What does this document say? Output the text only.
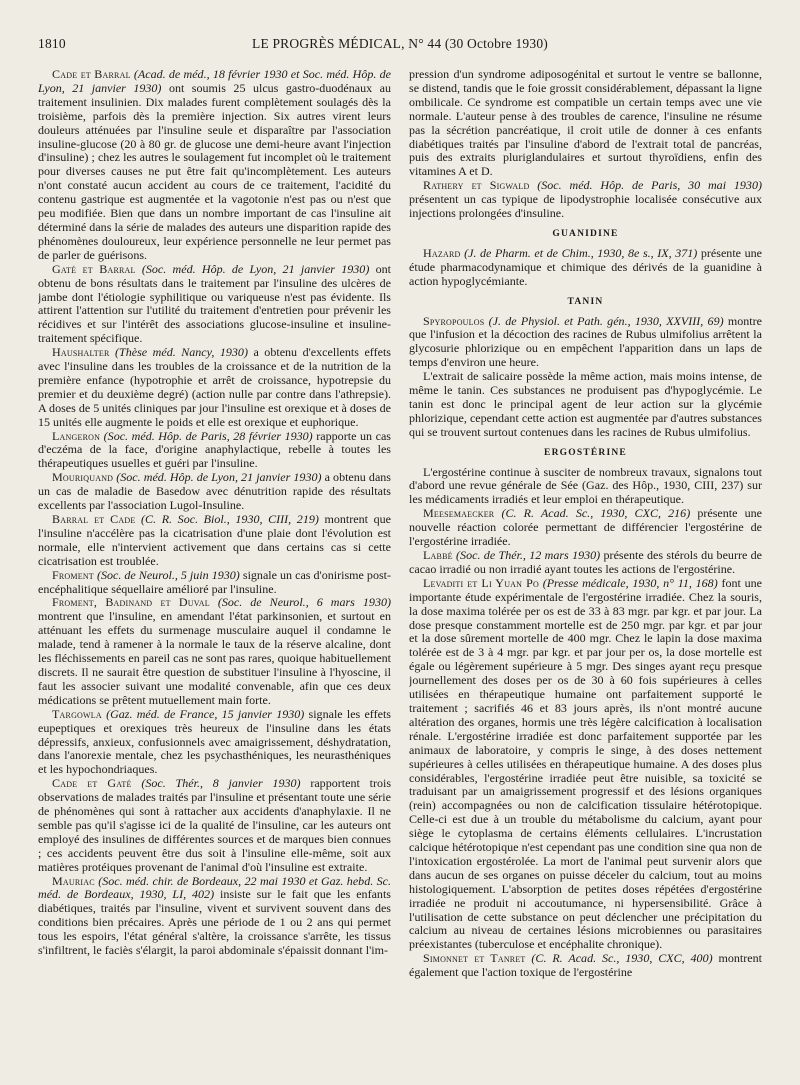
1810	LE PROGRÈS MÉDICAL, N° 44 (30 Octobre 1930)

Cade et Barral (Acad. de méd., 18 février 1930 et Soc. méd. Hôp. de Lyon, 21 janvier 1930) ont soumis 25 ulcus gastro-duodénaux au traitement insulinien. Dix malades furent complètement soulagés dès la troisième, parfois dès la première injection. Six autres virent leurs douleurs atténuées par l'insuline seule et disparaître par l'association insuline-glucose (20 à 80 gr. de glucose une demi-heure avant l'injection d'insuline) ; chez les autres le soulagement fut incomplet où le traitement pour diverses causes ne put être fait qu'incomplètement. Les auteurs n'ont constaté aucun accident au cours de ce traitement, l'acidité du contenu gastrique est augmentée et la vagotonie n'est pas ou n'est que peu modifiée. Bien que dans un nombre important de cas l'insuline ait déterminé dans la série de malades des auteurs une disparition rapide des phénomènes douloureux, leur expérience personnelle ne leur permet pas de parler de guérisons.

Gaté et Barral (Soc. méd. Hôp. de Lyon, 21 janvier 1930) ont obtenu de bons résultats dans le traitement par l'insuline des ulcères de jambe dont l'étiologie syphilitique ou variqueuse n'est pas évidente. Ils attirent l'attention sur l'utilité du traitement d'entretien pour prévenir les récidives et sur l'intérêt des associations glucose-insuline et insuline-traitement spécifique.

Haushalter (Thèse méd. Nancy, 1930) a obtenu d'excellents effets avec l'insuline dans les troubles de la croissance et de la nutrition de la première enfance (hypotrophie et arrêt de croissance, hypotrepsie du premier et du deuxième degré) (action nulle par contre dans l'athrepsie). A doses de 5 unités cliniques par jour l'insuline est orexique et à doses de 15 unités elle augmente le poids et elle est orexique et euphorique.

Langeron (Soc. méd. Hôp. de Paris, 28 février 1930) rapporte un cas d'eczéma de la face, d'origine anaphylactique, rebelle à toutes les thérapeutiques usuelles et guéri par l'insuline.

Mouriquand (Soc. méd. Hôp. de Lyon, 21 janvier 1930) a obtenu dans un cas de maladie de Basedow avec dénutrition rapide des résultats excellents par l'association Lugol-Insuline.

Barral et Cade (C. R. Soc. Biol., 1930, CIII, 219) montrent que l'insuline n'accélère pas la cicatrisation d'une plaie dont l'évolution est normale, elle n'intervient activement que dans certains cas si cette cicatrisation est troublée.

Froment (Soc. de Neurol., 5 juin 1930) signale un cas d'onirisme post-encéphalitique séquellaire amélioré par l'insuline.

Froment, Badinand et Duval (Soc. de Neurol., 6 mars 1930) montrent que l'insuline, en amendant l'état parkinsonien, et surtout en atténuant les effets du surmenage musculaire auquel il condamne le malade, tend à ramener à la normale le taux de la réserve alcaline, dont les fléchissements en pareil cas ne sont pas rares, quoique habituellement discrets. Il ne saurait être question de substituer l'insuline à l'hyoscine, il faut les associer suivant une modalité convenable, afin que ces deux médications se prêtent mutuellement main forte.

Targowla (Gaz. méd. de France, 15 janvier 1930) signale les effets eupeptiques et orexiques très heureux de l'insuline dans les états dépressifs, anxieux, confusionnels avec amaigrissement, déshydratation, dans l'anorexie mentale, chez les psychasthéniques, les neurasthéniques et les hypochondriaques.

Cade et Gaté (Soc. Thér., 8 janvier 1930) rapportent trois observations de malades traités par l'insuline et présentant toute une série de phénomènes qui sont à rattacher aux accidents d'anaphylaxie. Il ne semble pas qu'il s'agisse ici de la qualité de l'insuline, car les auteurs ont employé des insulines de différentes sources et de marques bien connues ; ces accidents peuvent être dus soit à l'insuline elle-même, soit aux matières protéiques provenant de l'animal d'où l'insuline est extraite.

Mauriac (Soc. méd. chir. de Bordeaux, 22 mai 1930 et Gaz. hebd. Sc. méd. de Bordeaux, 1930, LI, 402) insiste sur le fait que les enfants diabétiques, traités par l'insuline, vivent et survivent souvent dans des conditions bien précaires. Après une période de 1 ou 2 ans qui permet tous les espoirs, l'état général s'altère, la croissance s'arrête, les tissus s'infiltrent, le faciès s'élargit, la paroi abdominale s'épaissit donnant l'im-

pression d'un syndrome adiposogénital et surtout le ventre se ballonne, se distend, tandis que le foie grossit considérablement, dépassant la ligne ombilicale. Ce syndrome est compatible un certain temps avec une vie normale. L'auteur pense à des troubles de carence, l'insuline ne résume pas la sécrétion pancréatique, il croit utile de donner à ces enfants diabétiques traités par l'insuline d'abord de l'extrait total de pancréas, puis des extraits pluriglandulaires et surtout thyroïdiens, enfin des vitamines A et D.

Rathery et Sigwald (Soc. méd. Hôp. de Paris, 30 mai 1930) présentent un cas typique de lipodystrophie localisée consécutive aux injections prolongées d'insuline.

GUANIDINE

Hazard (J. de Pharm. et de Chim., 1930, 8e s., IX, 371) présente une étude pharmacodynamique et chimique des dérivés de la guanidine à action hypoglycémiante.

TANIN

Spyropoulos (J. de Physiol. et Path. gén., 1930, XXVIII, 69) montre que l'infusion et la décoction des racines de Rubus ulmifolius arrêtent la glycosurie phlorizique ou en empêchent l'apparition dans un laps de temps d'environ une heure.

L'extrait de salicaire possède la même action, mais moins intense, de même le tanin. Ces substances ne produisent pas d'hypoglycémie. Le tanin est donc le principal agent de leur action sur la glycémie phlorizique, cependant cette action est augmentée par d'autres substances qui se trouvent surtout contenues dans les racines de Rubus ulmifolius.

ERGOSTÉRINE

L'ergostérine continue à susciter de nombreux travaux, signalons tout d'abord une revue générale de Sée (Gaz. des Hôp., 1930, CIII, 237) sur les médicaments irradiés et leur emploi en thérapeutique.

Meesemaecker (C. R. Acad. Sc., 1930, CXC, 216) présente une nouvelle réaction colorée permettant de différencier l'ergostérine de l'ergostérine irradiée.

Labbé (Soc. de Thér., 12 mars 1930) présente des stérols du beurre de cacao irradié ou non irradié ayant toutes les actions de l'ergostérine.

Levaditi et Li Yuan Po (Presse médicale, 1930, n° 11, 168) font une importante étude expérimentale de l'ergostérine irradiée. Chez la souris, la dose maxima tolérée per os est de 33 à 83 mgr. par kgr. et par jour. La dose presque constamment mortelle est de 250 mgr. par kgr. et par jour et la dose sûrement mortelle de 400 mgr. Chez le lapin la dose maxima tolérée est de 3 à 4 mgr. par kgr. et par jour per os, la dose mortelle est égale ou légèrement supérieure à 5 mgr. Des singes ayant reçu presque journellement des doses per os de 30 à 60 fois supérieures à celles utilisées en thérapeutique humaine ont parfaitement supporté le traitement ; sacrifiés 46 et 83 jours après, ils n'ont montré aucune altération des organes, hormis une très légère calcification à localisation rénale. L'ergostérine irradiée est donc parfaitement supportée par les animaux de laboratoire, y compris le singe, à des doses nettement supérieures à celles utilisées en thérapeutique humaine. A des doses plus considérables, l'ergostérine irradiée peut être nuisible, sa toxicité se traduisant par un amaigrissement progressif et des lésions organiques (rein) accompagnées ou non de calcification tissulaire hétérotopique. Celle-ci est due à un trouble du métabolisme du calcium, ayant pour siège le cytoplasma de certains éléments cellulaires. L'incrustation calcique hétérotopique n'est cependant pas une condition sine qua non de l'intoxication ergostérolée. La mort de l'animal peut survenir alors que dans aucun de ses organes on puisse déceler du calcium, tout au moins histologiquement. L'absorption de petites doses répétées d'ergostérine irradiée ne produit ni accoutumance, ni hypersensibilité. Grâce à l'utilisation de cette substance on peut déclencher une précipitation du calcium au niveau de certaines lésions microbiennes ou parasitaires préexistantes (tuberculose et encéphalite chronique).

Simonnet et Tanret (C. R. Acad. Sc., 1930, CXC, 400) montrent également que l'action toxique de l'ergostérine
